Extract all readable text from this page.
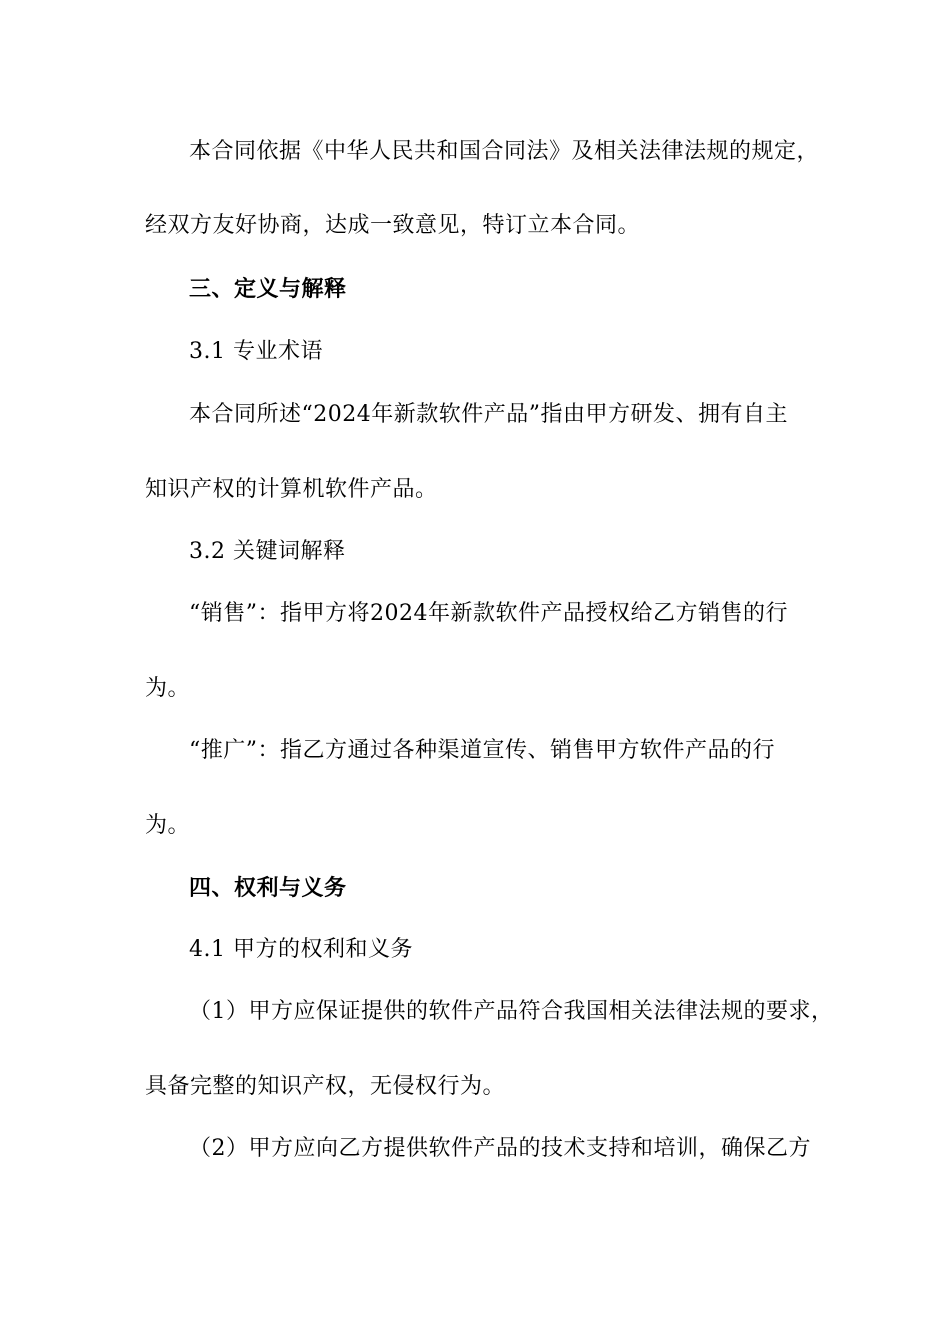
本合同依据《中华人民共和国合同法》及相关法律法规的规定，
经双方友好协商，达成一致意见，特订立本合同。
三、定义与解释
3.1 专业术语
本合同所述“2024年新款软件产品”指由甲方研发、拥有自主
知识产权的计算机软件产品。
3.2 关键词解释
“销售”：指甲方将2024年新款软件产品授权给乙方销售的行
为。
“推广”：指乙方通过各种渠道宣传、销售甲方软件产品的行
为。
四、权利与义务
4.1 甲方的权利和义务
（1）甲方应保证提供的软件产品符合我国相关法律法规的要求，
具备完整的知识产权，无侵权行为。
（2）甲方应向乙方提供软件产品的技术支持和培训，确保乙方
